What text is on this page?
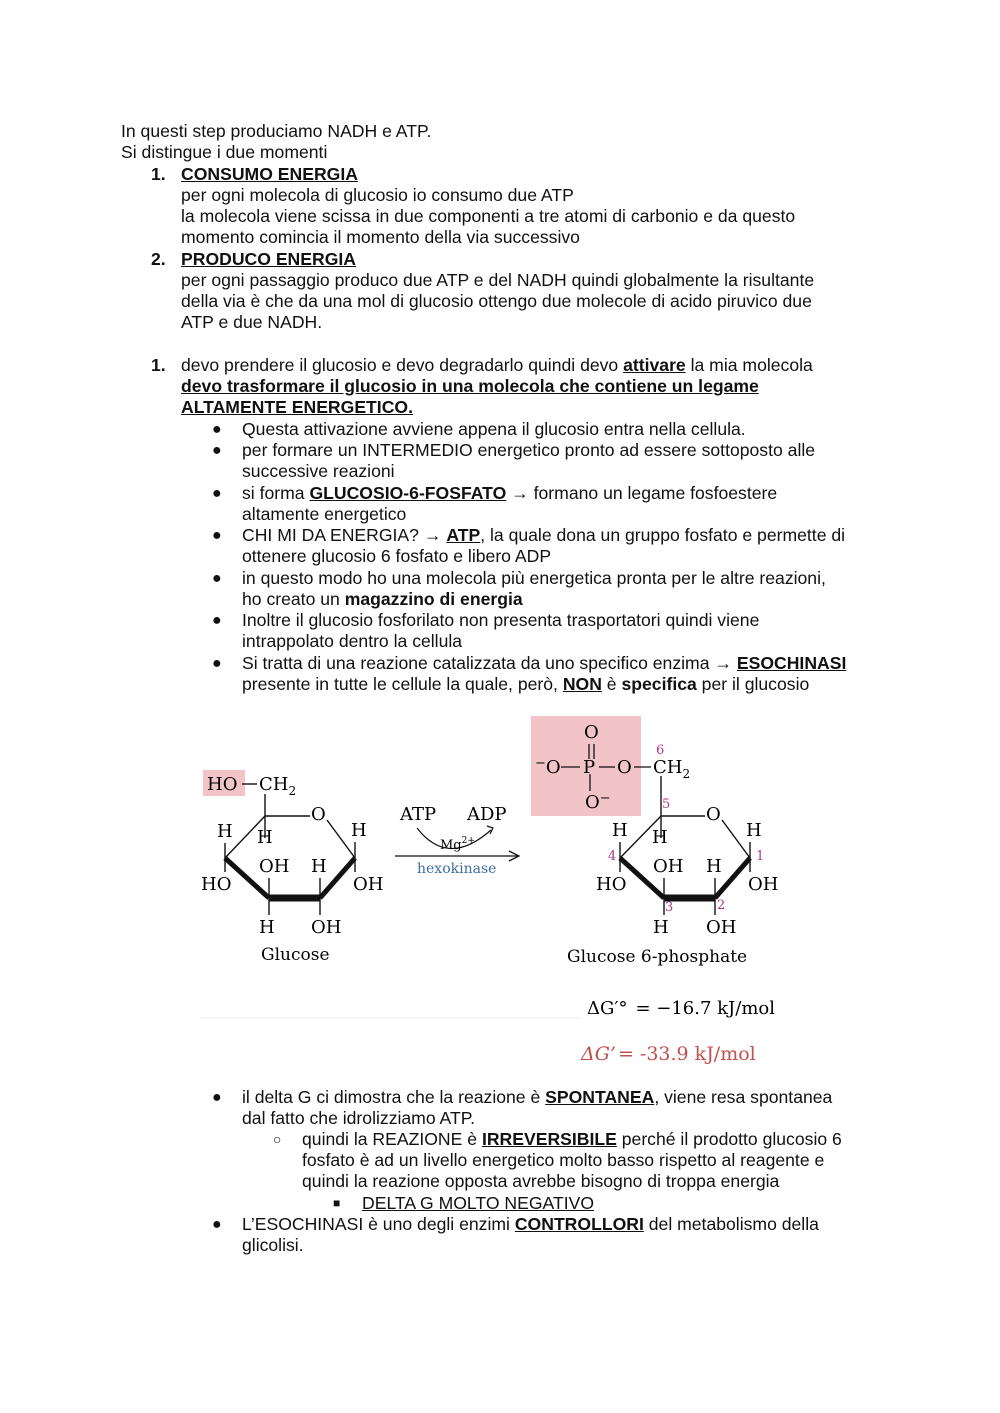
In questi step produciamo NADH e ATP.
Si distingue i due momenti
1. CONSUMO ENERGIA
per ogni molecola di glucosio io consumo due ATP
la molecola viene scissa in due componenti a tre atomi di carbonio e da questo
momento comincia il momento della via successivo
2. PRODUCO ENERGIA
per ogni passaggio produco due ATP e del NADH quindi globalmente la risultante
della via è che da una mol di glucosio ottengo due molecole di acido piruvico due
ATP e due NADH.
1. devo prendere il glucosio e devo degradarlo quindi devo attivare la mia molecola
devo trasformare il glucosio in una molecola che contiene un legame
ALTAMENTE ENERGETICO.
● Questa attivazione avviene appena il glucosio entra nella cellula.
● per formare un INTERMEDIO energetico pronto ad essere sottoposto alle
successive reazioni
● si forma GLUCOSIO-6-FOSFATO → formano un legame fosfoestere
altamente energetico
● CHI MI DA ENERGIA? → ATP, la quale dona un gruppo fosfato e permette di
ottenere glucosio 6 fosfato e libero ADP
● in questo modo ho una molecola più energetica pronta per le altre reazioni,
ho creato un magazzino di energia
● Inoltre il glucosio fosforilato non presenta trasportatori quindi viene
intrappolato dentro la cellula
● Si tratta di una reazione catalizzata da uno specifico enzima → ESOCHINASI
presente in tutte le cellule la quale, però, NON è specifica per il glucosio
HO $CH_2$
O
H
HO
H
OH
H
H
OH
H
OH
Glucose
ATP ADP
$Mg^{2+}$
hexokinase
O
−O P O $CH_2$
O−
6
5 O
H
4
HO
H
OH
3
H
H
2
OH
H
1
OH
Glucose 6-phosphate
ΔG′° = −16.7 kJ/mol
ΔG’ = -33.9 kJ/mol
● il delta G ci dimostra che la reazione è SPONTANEA, viene resa spontanea
dal fatto che idrolizziamo ATP.
○ quindi la REAZIONE è IRREVERSIBILE perché il prodotto glucosio 6
fosfato è ad un livello energetico molto basso rispetto al reagente e
quindi la reazione opposta avrebbe bisogno di troppa energia
■ DELTA G MOLTO NEGATIVO
● L’ESOCHINASI è uno degli enzimi CONTROLLORI del metabolismo della
glicolisi.
